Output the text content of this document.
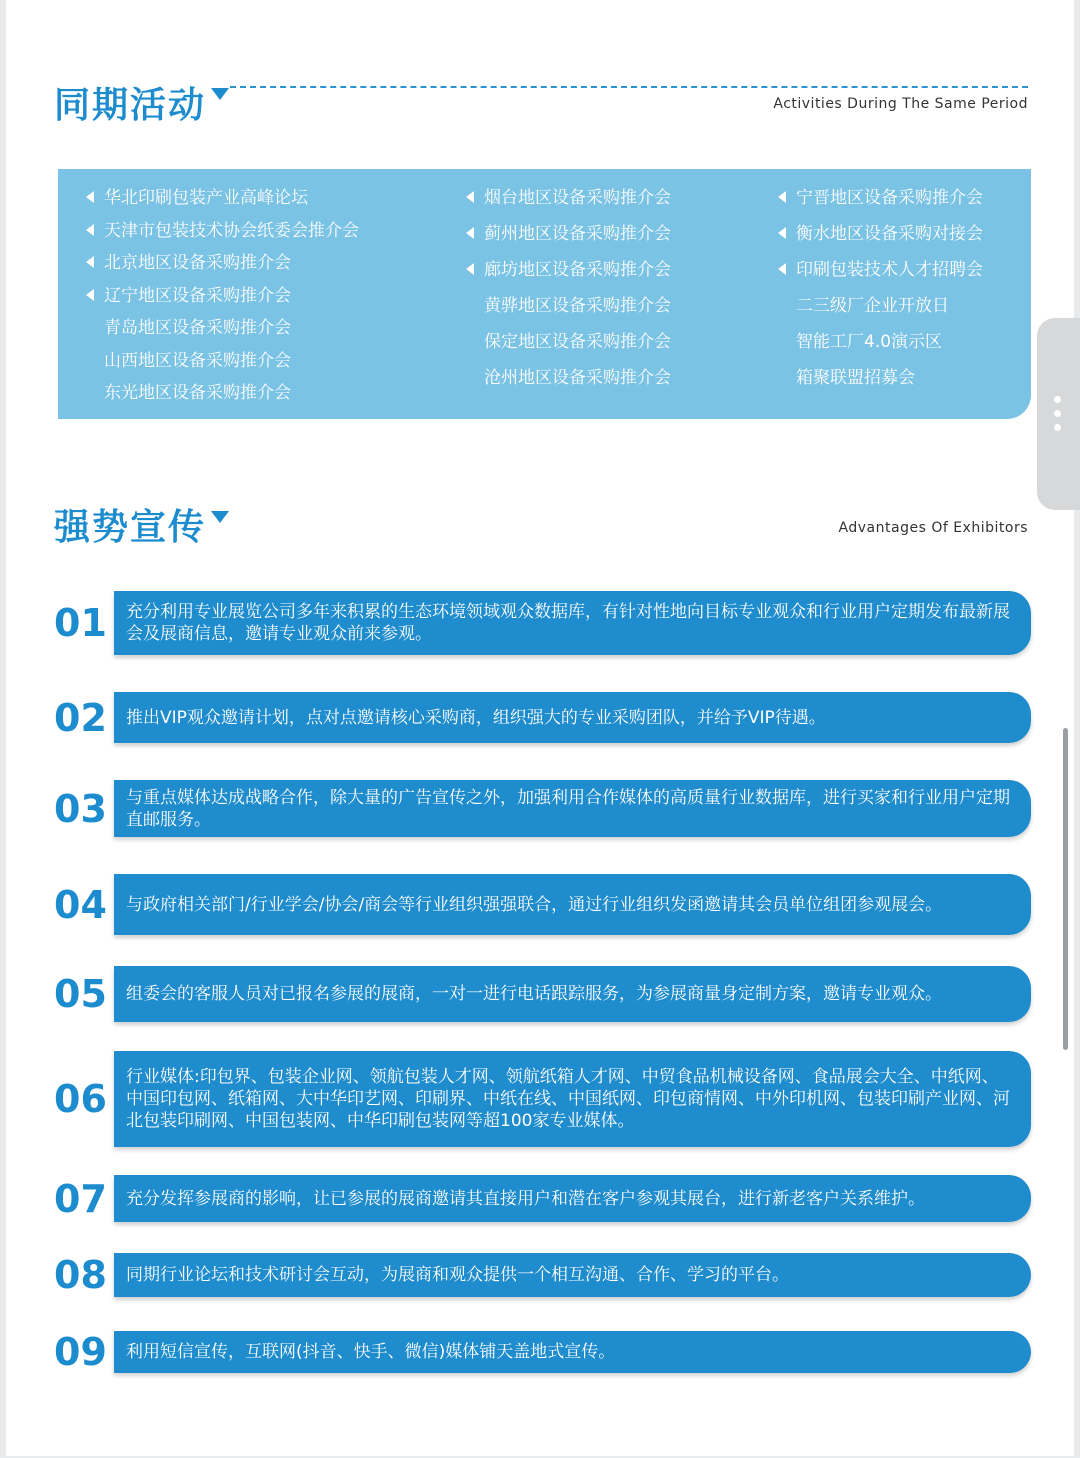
同期活动	Activities During The Same Period
华北印刷包装产业高峰论坛
天津市包装技术协会纸委会推介会
北京地区设备采购推介会
辽宁地区设备采购推介会
青岛地区设备采购推介会
山西地区设备采购推介会
东光地区设备采购推介会
烟台地区设备采购推介会
蓟州地区设备采购推介会
廊坊地区设备采购推介会
黄骅地区设备采购推介会
保定地区设备采购推介会
沧州地区设备采购推介会
宁晋地区设备采购推介会
衡水地区设备采购对接会
印刷包装技术人才招聘会
二三级厂企业开放日
智能工厂4.0演示区
箱聚联盟招募会
强势宣传	Advantages Of Exhibitors
01	充分利用专业展览公司多年来积累的生态环境领域观众数据库，有针对性地向目标专业观众和行业用户定期发布最新展会及展商信息，邀请专业观众前来参观。
02	推出VIP观众邀请计划，点对点邀请核心采购商，组织强大的专业采购团队，并给予VIP待遇。
03	与重点媒体达成战略合作，除大量的广告宣传之外，加强利用合作媒体的高质量行业数据库，进行买家和行业用户定期直邮服务。
04	与政府相关部门/行业学会/协会/商会等行业组织强强联合，通过行业组织发函邀请其会员单位组团参观展会。
05	组委会的客服人员对已报名参展的展商，一对一进行电话跟踪服务，为参展商量身定制方案，邀请专业观众。
06	行业媒体:印包界、包装企业网、领航包装人才网、领航纸箱人才网、中贸食品机械设备网、食品展会大全、中纸网、中国印包网、纸箱网、大中华印艺网、印刷界、中纸在线、中国纸网、印包商情网、中外印机网、包装印刷产业网、河北包装印刷网、中国包装网、中华印刷包装网等超100家专业媒体。
07	充分发挥参展商的影响，让已参展的展商邀请其直接用户和潜在客户参观其展台，进行新老客户关系维护。
08	同期行业论坛和技术研讨会互动，为展商和观众提供一个相互沟通、合作、学习的平台。
09	利用短信宣传，互联网(抖音、快手、微信)媒体铺天盖地式宣传。
